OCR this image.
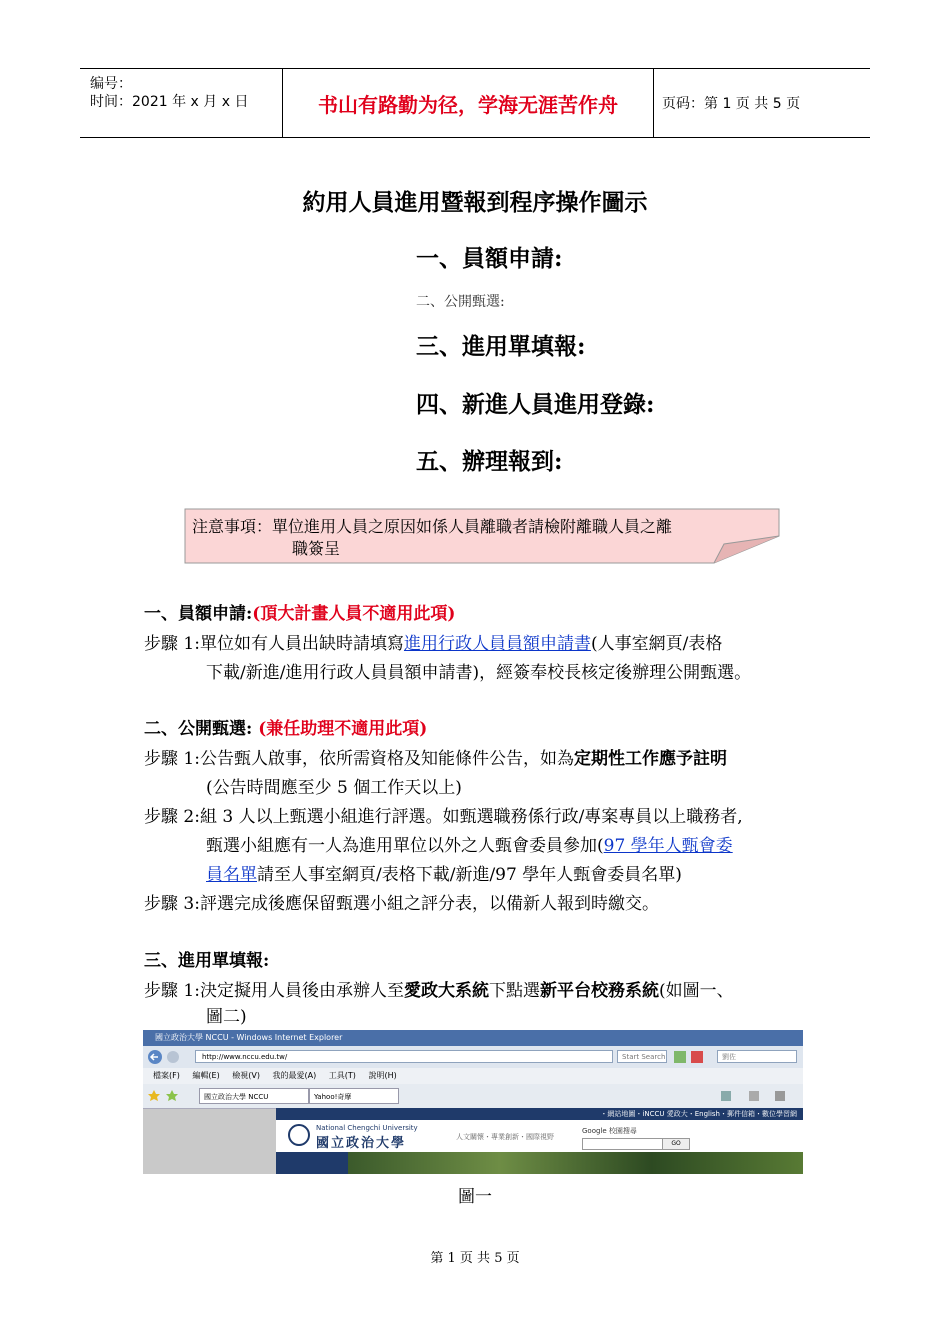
编号：
时间：2021 年 x 月 x 日	书山有路勤为径，学海无涯苦作舟	页码：第 1 页 共 5 页
約用人員進用暨報到程序操作圖示
一、員額申請:
二、公開甄選:
三、進用單填報:
四、新進人員進用登錄:
五、辦理報到:
注意事項：單位進用人員之原因如係人員離職者請檢附離職人員之離
職簽呈
一、員額申請:(頂大計畫人員不適用此項)
步驟 1:單位如有人員出缺時請填寫進用行政人員員額申請書(人事室網頁/表格
下載/新進/進用行政人員員額申請書)，經簽奉校長核定後辦理公開甄選。
二、公開甄選: (兼任助理不適用此項)
步驟 1:公告甄人啟事，依所需資格及知能條件公告，如為定期性工作應予註明
(公告時間應至少 5 個工作天以上)
步驟 2:組 3 人以上甄選小組進行評選。如甄選職務係行政/專案專員以上職務者,
甄選小組應有一人為進用單位以外之人甄會委員參加(97 學年人甄會委
員名單請至人事室網頁/表格下載/新進/97 學年人甄會委員名單)
步驟 3:評選完成後應保留甄選小組之評分表，以備新人報到時繳交。
三、進用單填報:
步驟 1:決定擬用人員後由承辦人至愛政大系統下點選新平台校務系統(如圖一、
圖二)
國立政治大學 NCCU - Windows Internet Explorer
http://www.nccu.edu.tw/	Start Search	劉佐
檔案(F) 編輯(E) 檢視(V) 我的最愛(A) 工具(T) 說明(H)
國立政治大學 NCCU	Yahoo!奇摩
・網站地圖・iNCCU 愛政大・English・郵件信箱・數位學習網
National Chengchi University
國立政治大學	人文關懷・專業創新・國際視野
Google 校園搜尋
GO
圖一
第 1 页 共 5 页
